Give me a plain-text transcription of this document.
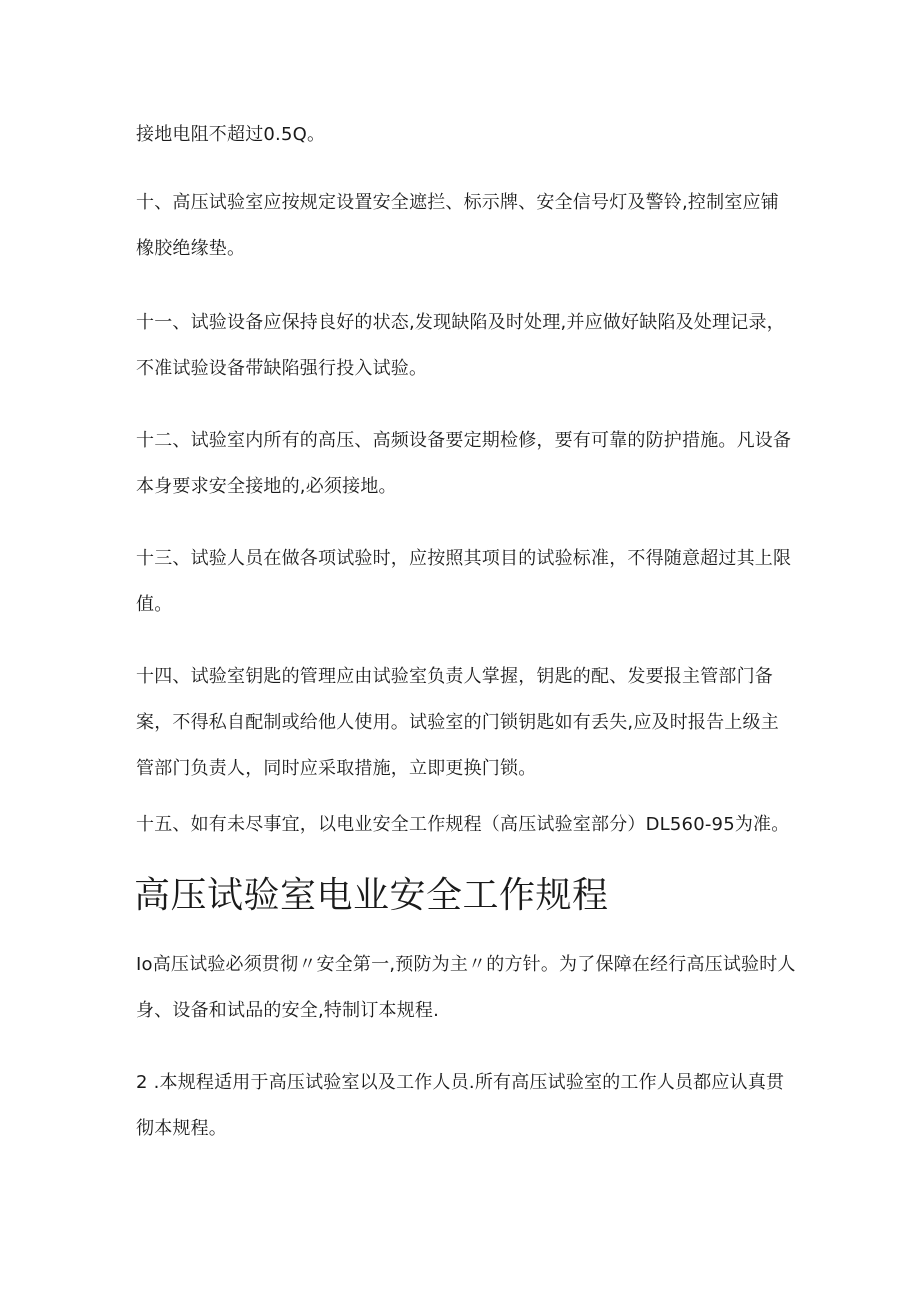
接地电阻不超过0.5Q。

十、高压试验室应按规定设置安全遮拦、标示牌、安全信号灯及警铃,控制室应铺橡胶绝缘垫。

十一、试验设备应保持良好的状态,发现缺陷及时处理,并应做好缺陷及处理记录，不准试验设备带缺陷强行投入试验。

十二、试验室内所有的高压、高频设备要定期检修，要有可靠的防护措施。凡设备本身要求安全接地的,必须接地。

十三、试验人员在做各项试验时，应按照其项目的试验标准，不得随意超过其上限值。

十四、试验室钥匙的管理应由试验室负责人掌握，钥匙的配、发要报主管部门备案，不得私自配制或给他人使用。试验室的门锁钥匙如有丢失,应及时报告上级主管部门负责人，同时应采取措施，立即更换门锁。

十五、如有未尽事宜，以电业安全工作规程（高压试验室部分）DL560-95为准。

高压试验室电业安全工作规程

Io高压试验必须贯彻〃安全第一,预防为主〃的方针。为了保障在经行高压试验时人身、设备和试品的安全,特制订本规程.

2 .本规程适用于高压试验室以及工作人员.所有高压试验室的工作人员都应认真贯彻本规程。
